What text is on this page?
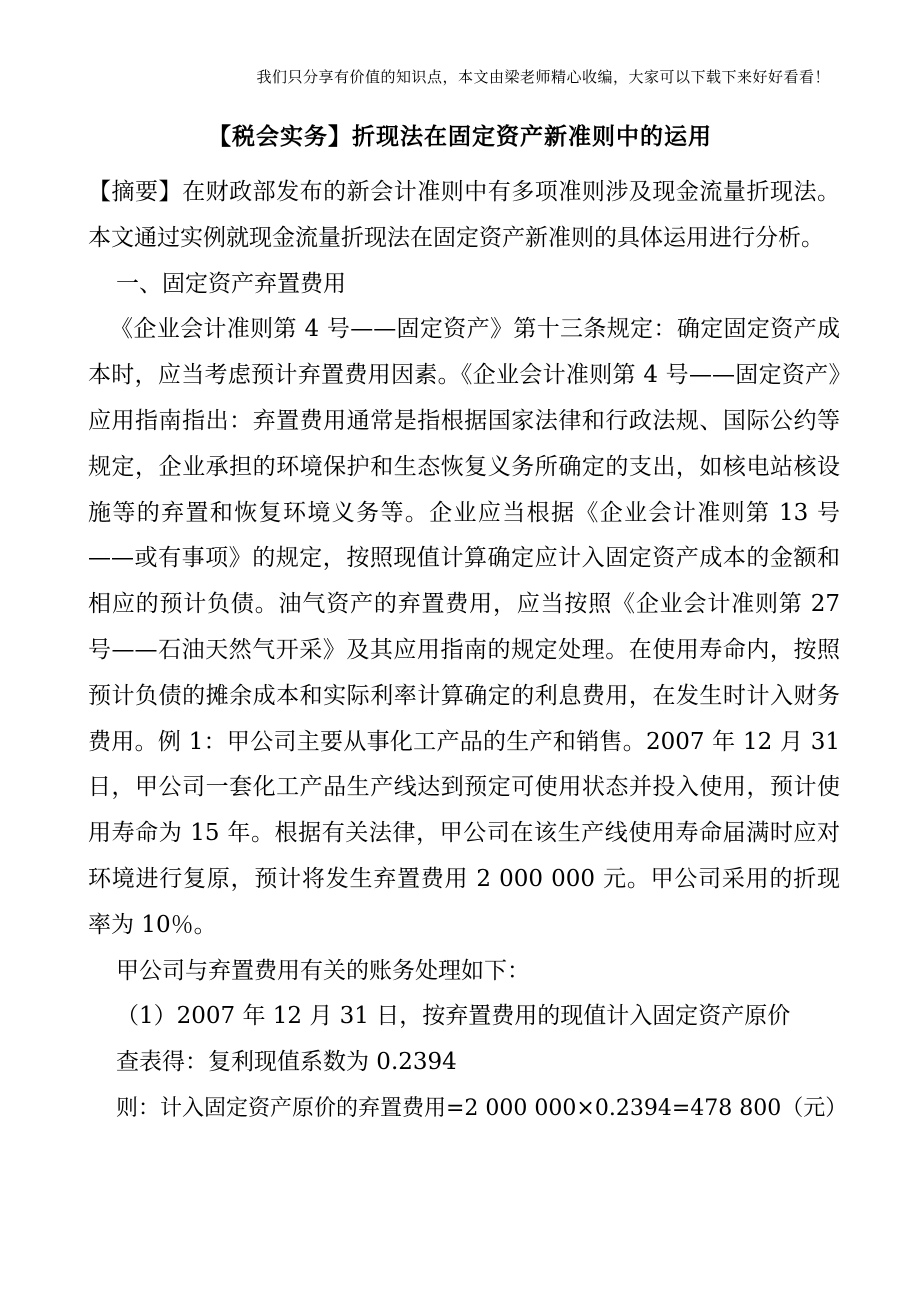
我们只分享有价值的知识点，本文由梁老师精心收编，大家可以下载下来好好看看！
【税会实务】折现法在固定资产新准则中的运用

【摘要】在财政部发布的新会计准则中有多项准则涉及现金流量折现法。本文通过实例就现金流量折现法在固定资产新准则的具体运用进行分析。

一、固定资产弃置费用

《企业会计准则第 4 号——固定资产》第十三条规定：确定固定资产成本时，应当考虑预计弃置费用因素。《企业会计准则第 4 号——固定资产》应用指南指出：弃置费用通常是指根据国家法律和行政法规、国际公约等规定，企业承担的环境保护和生态恢复义务所确定的支出，如核电站核设施等的弃置和恢复环境义务等。企业应当根据《企业会计准则第 13 号——或有事项》的规定，按照现值计算确定应计入固定资产成本的金额和相应的预计负债。油气资产的弃置费用，应当按照《企业会计准则第 27 号——石油天然气开采》及其应用指南的规定处理。在使用寿命内，按照预计负债的摊余成本和实际利率计算确定的利息费用，在发生时计入财务费用。例 1：甲公司主要从事化工产品的生产和销售。2007 年 12 月 31 日，甲公司一套化工产品生产线达到预定可使用状态并投入使用，预计使用寿命为 15 年。根据有关法律，甲公司在该生产线使用寿命届满时应对环境进行复原，预计将发生弃置费用 2 000 000 元。甲公司采用的折现率为 10％。

甲公司与弃置费用有关的账务处理如下：

（1）2007 年 12 月 31 日，按弃置费用的现值计入固定资产原价

查表得：复利现值系数为 0.2394

则：计入固定资产原价的弃置费用=2 000 000×0.2394=478 800（元）
